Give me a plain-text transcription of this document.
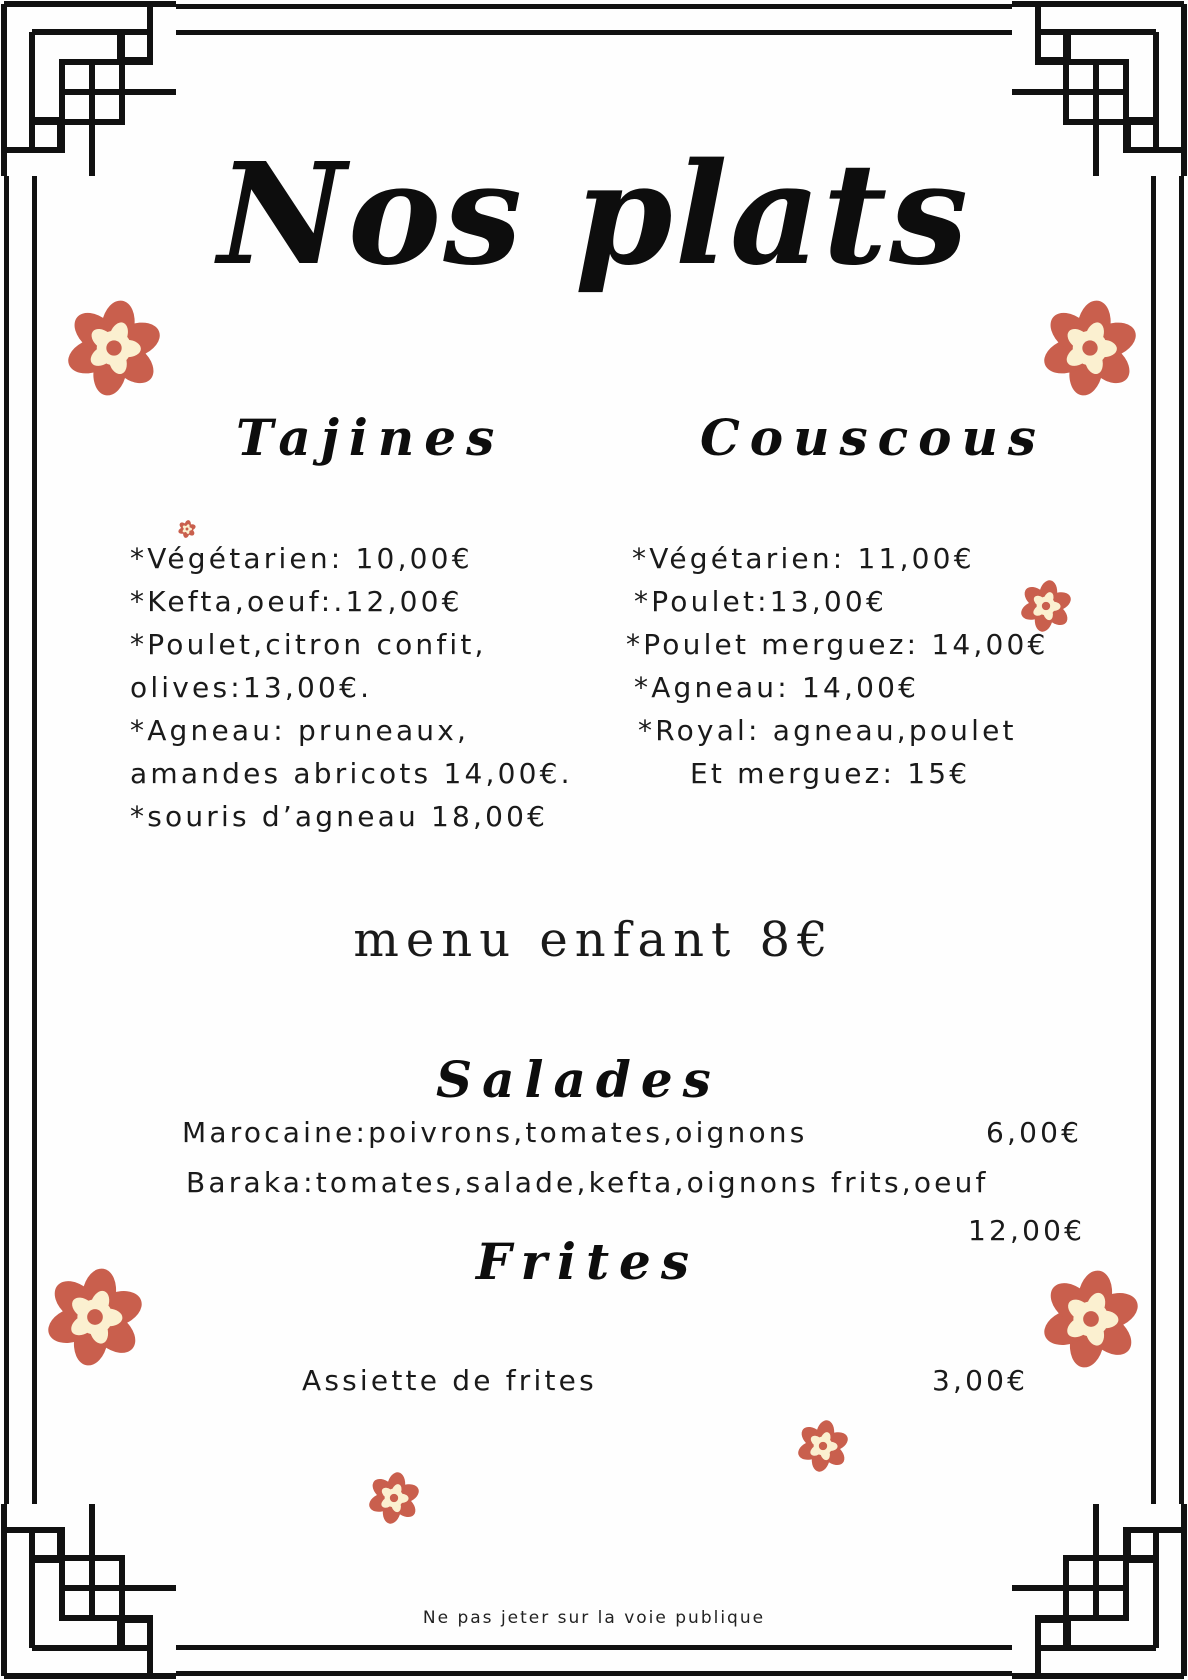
Nos plats
Tajines
*Végétarien: 10,00€
*Kefta,oeuf:.12,00€
*Poulet,citron confit,
olives:13,00€.
*Agneau: pruneaux,
amandes abricots 14,00€.
*souris d’agneau 18,00€
Couscous
*Végétarien: 11,00€
*Poulet:13,00€
*Poulet merguez: 14,00€
*Agneau: 14,00€
*Royal: agneau,poulet
Et merguez: 15€
menu enfant 8€
Salades
Marocaine:poivrons,tomates,oignons	6,00€
Baraka:tomates,salade,kefta,oignons frits,oeuf
12,00€
Frites
Assiette de frites	3,00€
Ne pas jeter sur la voie publique
